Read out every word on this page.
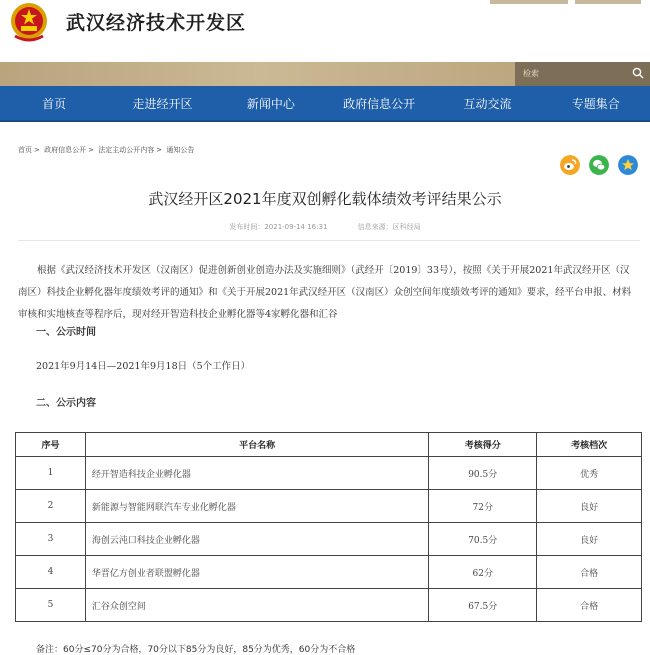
武汉经济技术开发区
检索
首页	走进经开区	新闻中心	政府信息公开	互动交流	专题集合
首页 > 政府信息公开 > 法定主动公开内容 > 通知公告
武汉经开区2021年度双创孵化载体绩效考评结果公示
发布时间：2021-09-14 16:31	信息来源：区科经局
根据《武汉经济技术开发区（汉南区）促进创新创业创造办法及实施细则》（武经开〔2019〕33号），按照《关于开展2021年武汉经开区（汉南区）科技企业孵化器年度绩效考评的通知》和《关于开展2021年武汉经开区（汉南区）众创空间年度绩效考评的通知》要求，经平台申报、材料审核和实地核查等程序后，现对经开智造科技企业孵化器等4家孵化器和汇谷
一、公示时间
2021年9月14日—2021年9月18日（5个工作日）
二、公示内容
序号	平台名称	考核得分	考核档次
1	经开智造科技企业孵化器	90.5分	优秀
2	新能源与智能网联汽车专业化孵化器	72分	良好
3	海创云沌口科技企业孵化器	70.5分	良好
4	华晋亿方创业者联盟孵化器	62分	合格
5	汇谷众创空间	67.5分	合格
备注：60分≤70分为合格，70分以下85分为良好，85分为优秀，60分为不合格
